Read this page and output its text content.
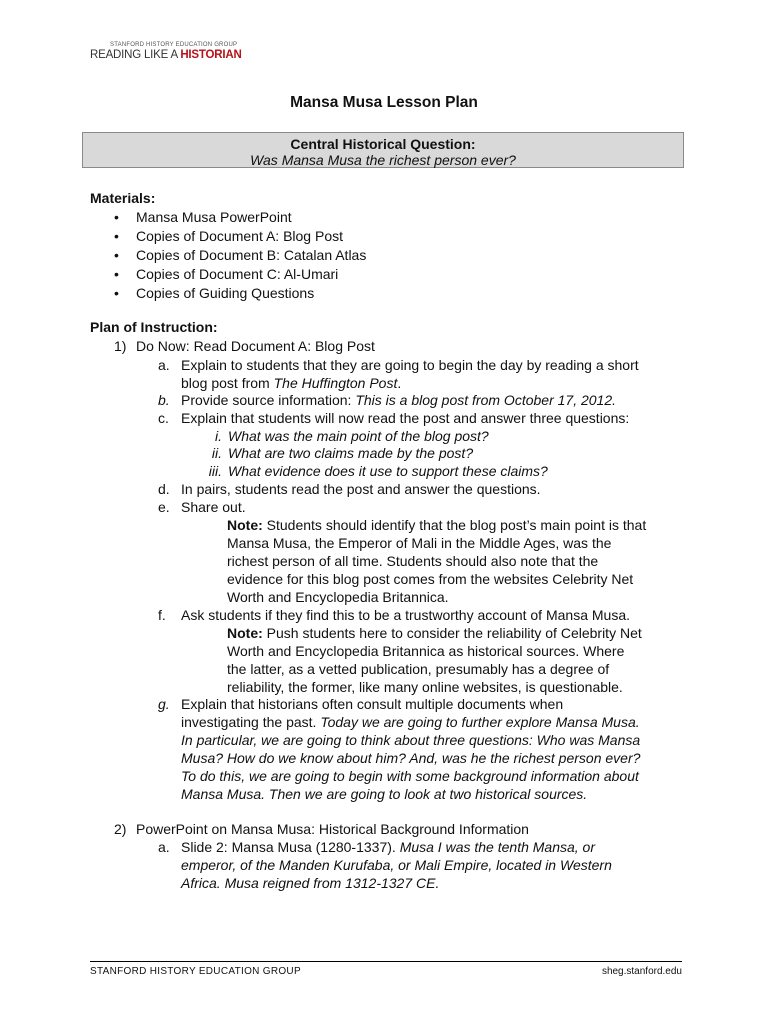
STANFORD HISTORY EDUCATION GROUP
READING LIKE A HISTORIAN
Mansa Musa Lesson Plan
Central Historical Question:
Was Mansa Musa the richest person ever?
Materials:
• Mansa Musa PowerPoint
• Copies of Document A: Blog Post
• Copies of Document B: Catalan Atlas
• Copies of Document C: Al-Umari
• Copies of Guiding Questions
Plan of Instruction:
1) Do Now: Read Document A: Blog Post
a. Explain to students that they are going to begin the day by reading a short
blog post from The Huffington Post.
b. Provide source information: This is a blog post from October 17, 2012.
c. Explain that students will now read the post and answer three questions:
i. What was the main point of the blog post?
ii. What are two claims made by the post?
iii. What evidence does it use to support these claims?
d. In pairs, students read the post and answer the questions.
e. Share out.
Note: Students should identify that the blog post’s main point is that
Mansa Musa, the Emperor of Mali in the Middle Ages, was the
richest person of all time. Students should also note that the
evidence for this blog post comes from the websites Celebrity Net
Worth and Encyclopedia Britannica.
f. Ask students if they find this to be a trustworthy account of Mansa Musa.
Note: Push students here to consider the reliability of Celebrity Net
Worth and Encyclopedia Britannica as historical sources. Where
the latter, as a vetted publication, presumably has a degree of
reliability, the former, like many online websites, is questionable.
g. Explain that historians often consult multiple documents when
investigating the past. Today we are going to further explore Mansa Musa.
In particular, we are going to think about three questions: Who was Mansa
Musa? How do we know about him? And, was he the richest person ever?
To do this, we are going to begin with some background information about
Mansa Musa. Then we are going to look at two historical sources.
2) PowerPoint on Mansa Musa: Historical Background Information
a. Slide 2: Mansa Musa (1280-1337). Musa I was the tenth Mansa, or
emperor, of the Manden Kurufaba, or Mali Empire, located in Western
Africa. Musa reigned from 1312-1327 CE.
STANFORD HISTORY EDUCATION GROUP	sheg.stanford.edu
